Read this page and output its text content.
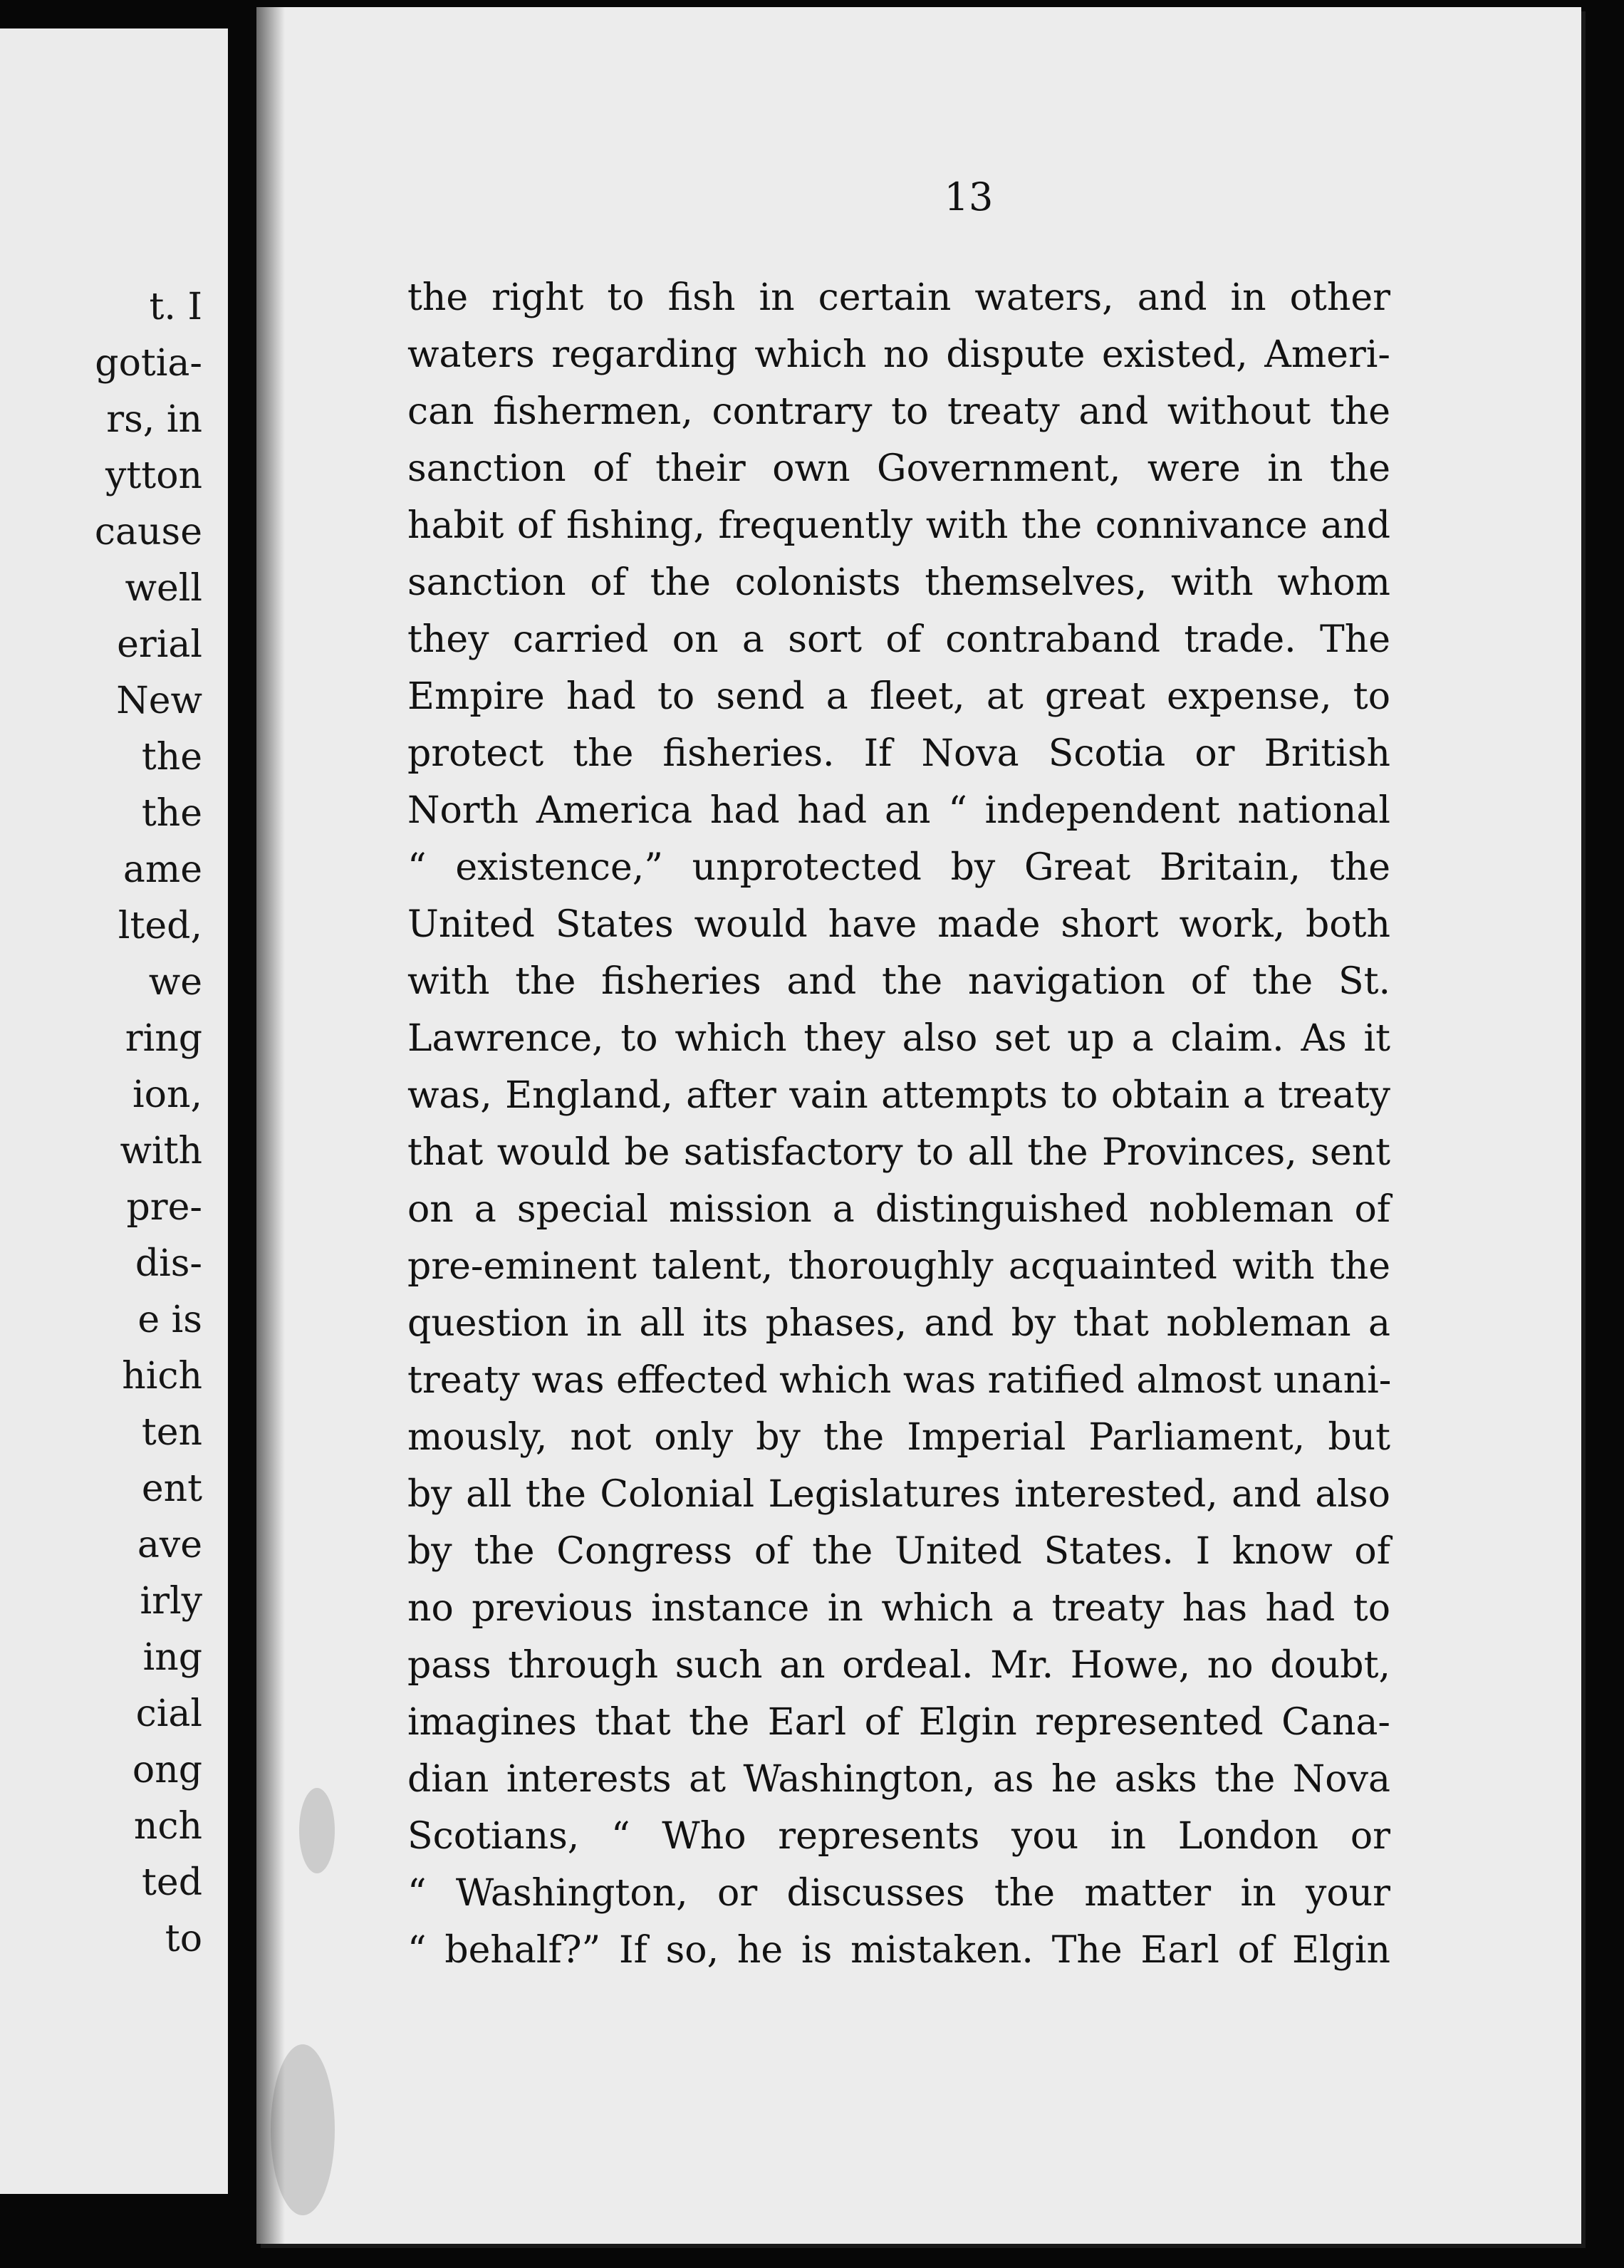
t. I
gotia-
rs, in
ytton
cause
well
erial
New
the
the
ame
lted,
we
ring
ion,
with
pre-
dis-
e is
hich
ten
ent
ave
irly
ing
cial
ong
nch
ted
to
13
the right to fish in certain waters, and in other
waters regarding which no dispute existed, Ameri-
can fishermen, contrary to treaty and without the
sanction of their own Government, were in the
habit of fishing, frequently with the connivance and
sanction of the colonists themselves, with whom
they carried on a sort of contraband trade. The
Empire had to send a fleet, at great expense, to
protect the fisheries. If Nova Scotia or British
North America had had an “ independent national
“ existence,” unprotected by Great Britain, the
United States would have made short work, both
with the fisheries and the navigation of the St.
Lawrence, to which they also set up a claim. As it
was, England, after vain attempts to obtain a treaty
that would be satisfactory to all the Provinces, sent
on a special mission a distinguished nobleman of
pre-eminent talent, thoroughly acquainted with the
question in all its phases, and by that nobleman a
treaty was effected which was ratified almost unani-
mously, not only by the Imperial Parliament, but
by all the Colonial Legislatures interested, and also
by the Congress of the United States. I know of
no previous instance in which a treaty has had to
pass through such an ordeal. Mr. Howe, no doubt,
imagines that the Earl of Elgin represented Cana-
dian interests at Washington, as he asks the Nova
Scotians, “ Who represents you in London or
“ Washington, or discusses the matter in your
“ behalf?” If so, he is mistaken. The Earl of Elgin
